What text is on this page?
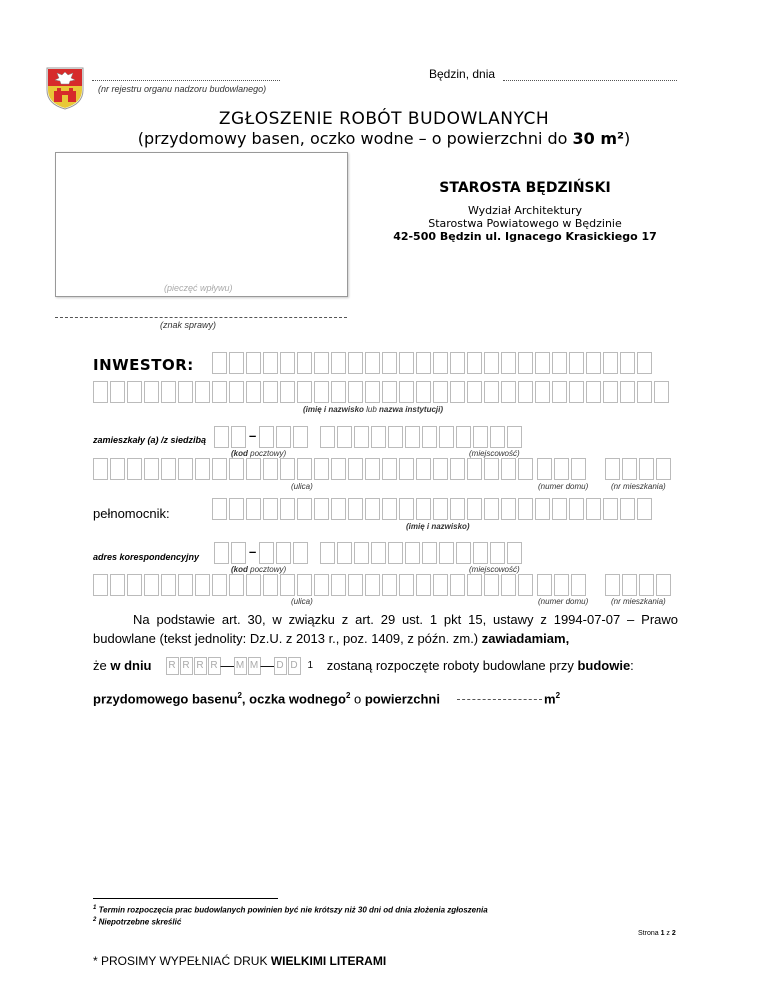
(nr rejestru organu nadzoru budowlanego)
Będzin, dnia
ZGŁOSZENIE ROBÓT BUDOWLANYCH
(przydomowy basen, oczko wodne – o powierzchni do 30 m²)
(pieczęć wpływu)
(znak sprawy)
STAROSTA BĘDZIŃSKI
Wydział Architektury
Starostwa Powiatowego w Będzinie
42-500 Będzin ul. Ignacego Krasickiego 17
INWESTOR:
(imię i nazwisko lub nazwa instytucji)
zamieszkały (a) /z siedzibą	–
(kod pocztowy)	(miejscowość)
(ulica)	(numer domu)	(nr mieszkania)
pełnomocnik:
(imię i nazwisko)
adres korespondencyjny	–
(kod pocztowy)	(miejscowość)
(ulica)	(numer domu)	(nr mieszkania)
Na podstawie art. 30, w związku z art. 29 ust. 1 pkt 15, ustawy z 1994-07-07 – Prawo budowlane (tekst jednolity: Dz.U. z 2013 r., poz. 1409, z późn. zm.) zawiadamiam,
że w dniu R R R R — M M — D D 1 zostaną rozpoczęte roboty budowlane przy budowie :
przydomowego basenu$^2$, oczka wodnego$^2$ o powierzchni	$m^2$
$^1$ Termin rozpoczęcia prac budowlanych powinien być nie krótszy niż 30 dni od dnia złożenia zgłoszenia
$^2$ Niepotrzebne skreślić
Strona 1 z 2
* PROSIMY WYPEŁNIAĆ DRUK WIELKIMI LITERAMI
